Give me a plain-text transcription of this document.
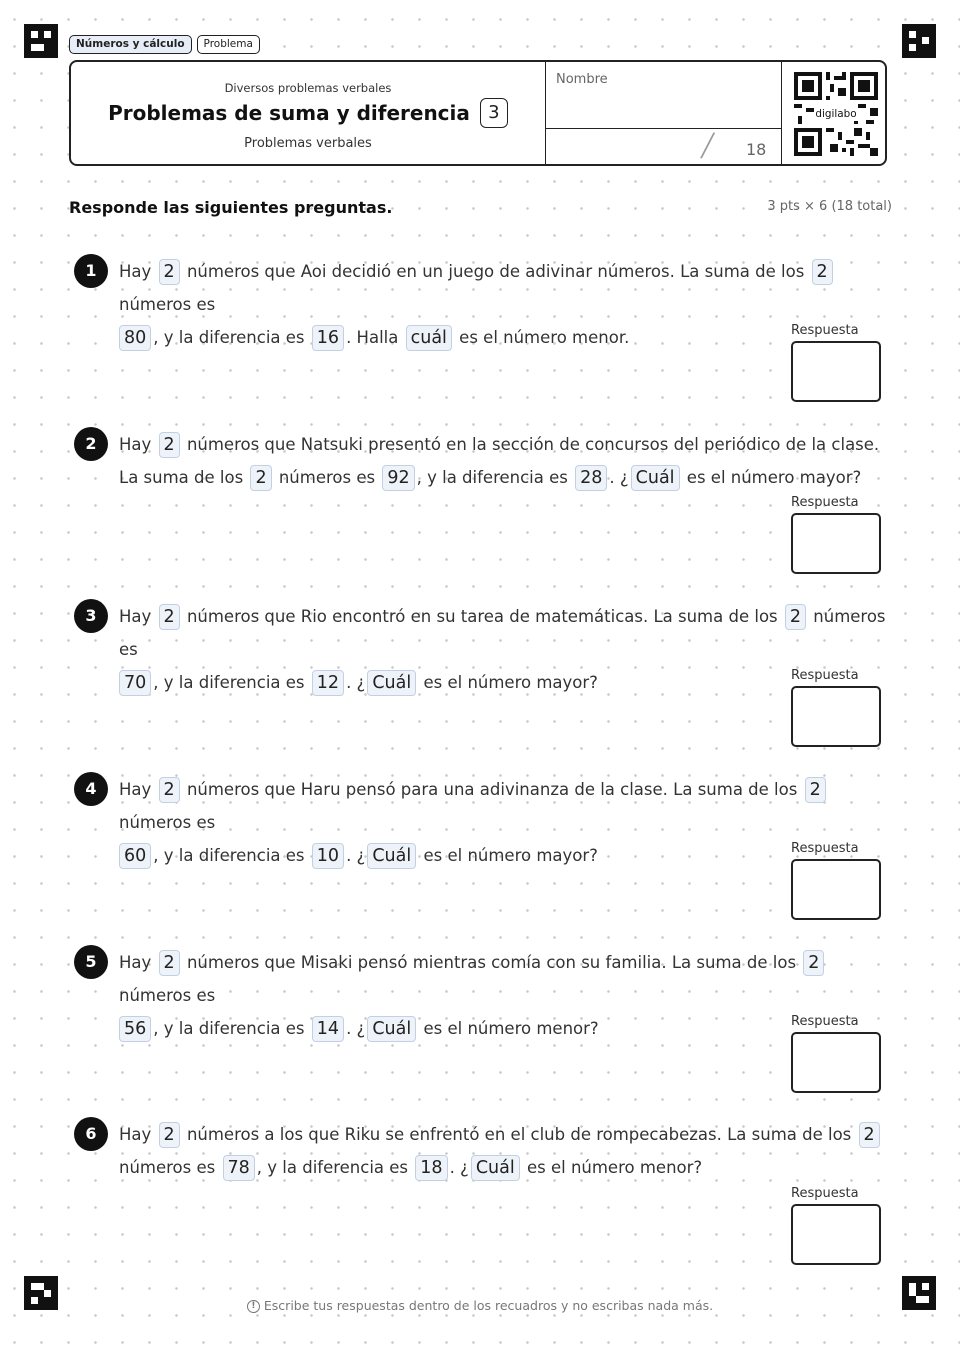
Números y cálculo	Problema
Diversos problemas verbales
Problemas de suma y diferencia	3
Problemas verbales
Nombre
╱ 18
digilabo
Responde las siguientes preguntas.	3 pts × 6 (18 total)
1	Hay 2 números que Aoi decidió en un juego de adivinar números. La suma de los 2 números es
80 , y la diferencia es 16 . Halla cuál es el número menor.	Respuesta
2	Hay 2 números que Natsuki presentó en la sección de concursos del periódico de la clase. La suma de los 2 números es 92 , y la diferencia es 28 . ¿ Cuál es el número mayor?
Respuesta
3	Hay 2 números que Rio encontró en su tarea de matemáticas. La suma de los 2 números es
70 , y la diferencia es 12 . ¿ Cuál es el número mayor?	Respuesta
4	Hay 2 números que Haru pensó para una adivinanza de la clase. La suma de los 2 números es
60 , y la diferencia es 10 . ¿ Cuál es el número mayor?	Respuesta
5	Hay 2 números que Misaki pensó mientras comía con su familia. La suma de los 2 números es
56 , y la diferencia es 14 . ¿ Cuál es el número menor?	Respuesta
6	Hay 2 números a los que Riku se enfrentó en el club de rompecabezas. La suma de los 2 números es 78 , y la diferencia es 18 . ¿ Cuál es el número menor?
Respuesta
! Escribe tus respuestas dentro de los recuadros y no escribas nada más.
